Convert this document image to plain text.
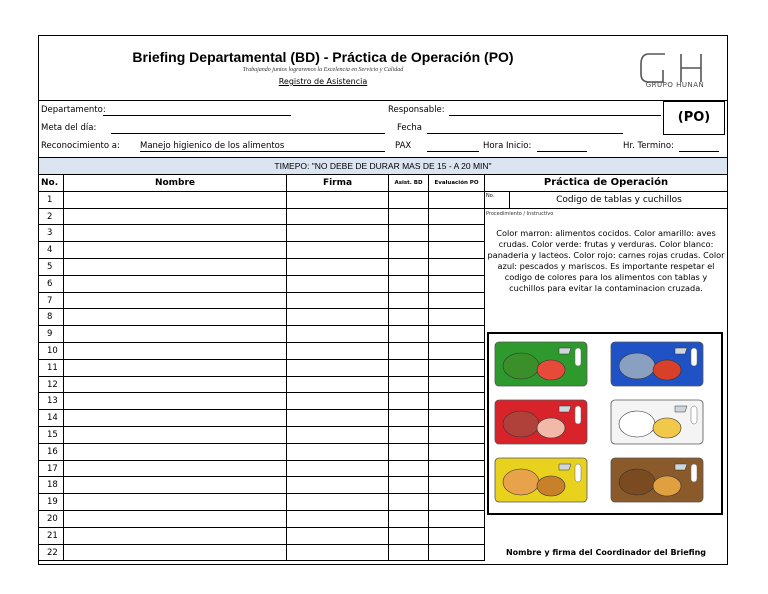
Briefing Departamental (BD) - Práctica de Operación (PO)
Trabajando juntos lograremos la Excelencia en Servicio y Calidad
Registro de Asistencia	GRUPO HUNAN
Departamento:
Meta del día:
Reconocimiento a: Manejo higienico de los alimentos
Responsable:
Fecha
PAX	Hora Inicio:	Hr. Termino:
(PO)
TIMEPO: "NO DEBE DE DURAR MAS DE 15 - A 20 MIN"
No.	Nombre	Firma	Asist. BD	Evaluación PO
1
2
3
4
5
6
7
8
9
10
11
12
13
14
15
16
17
18
19
20
21
22
Práctica de Operación
No.	Codigo de tablas y cuchillos
Procedimiento / Instructivo
Color marron: alimentos cocidos. Color amarillo: aves crudas. Color verde: frutas y verduras. Color blanco: panaderia y lacteos. Color rojo: carnes rojas crudas. Color azul: pescados y mariscos. Es importante respetar el codigo de colores para los alimentos con tablas y cuchillos para evitar la contaminacion cruzada.
Nombre y firma del Coordinador del Briefing
